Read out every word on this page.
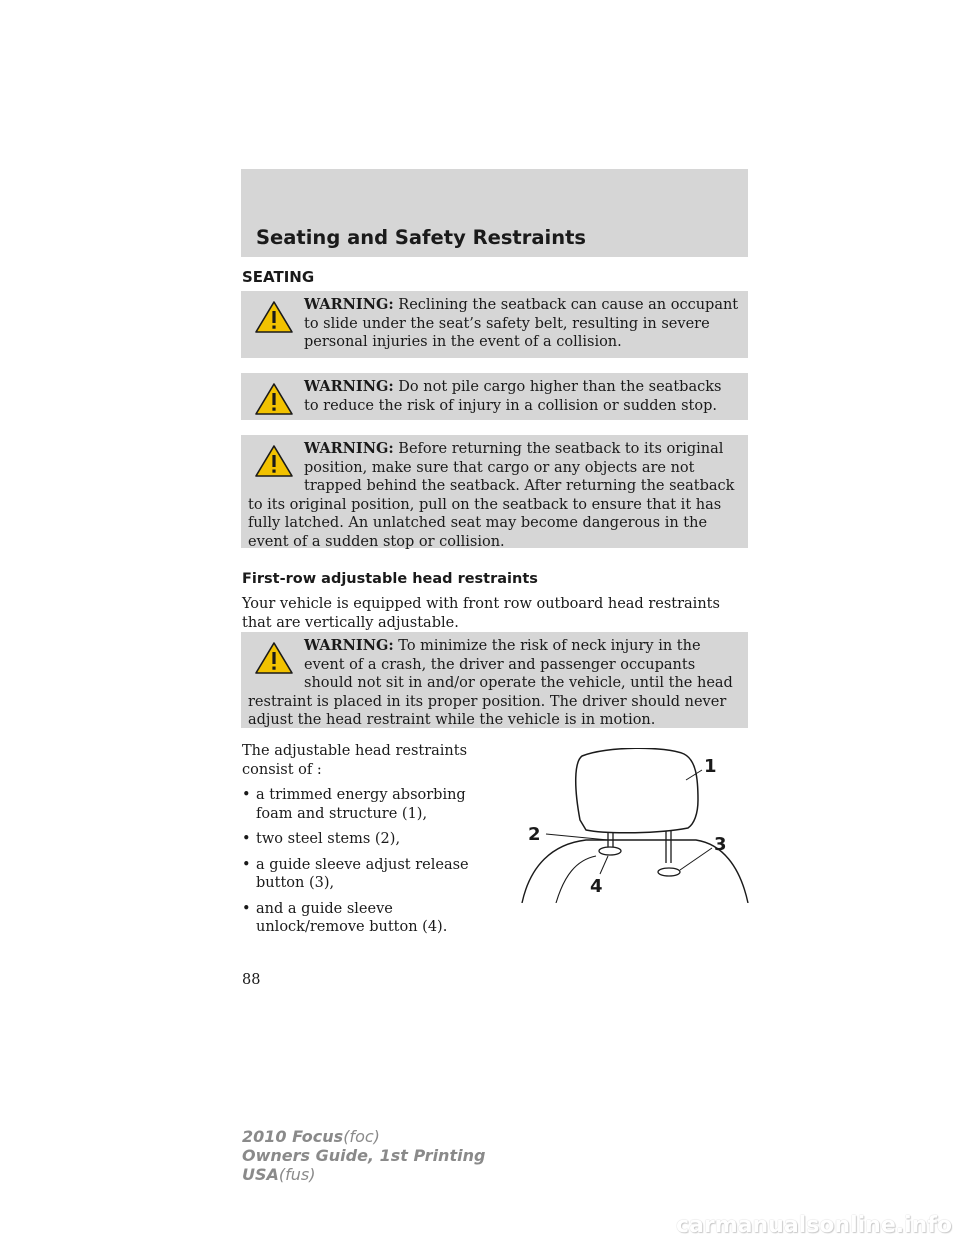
Seating and Safety Restraints
SEATING
WARNING: Reclining the seatback can cause an occupant to slide under the seat’s safety belt, resulting in severe personal injuries in the event of a collision.
WARNING: Do not pile cargo higher than the seatbacks to reduce the risk of injury in a collision or sudden stop.
WARNING: Before returning the seatback to its original position, make sure that cargo or any objects are not trapped behind the seatback. After returning the seatback to its original position, pull on the seatback to ensure that it has fully latched. An unlatched seat may become dangerous in the event of a sudden stop or collision.
First-row adjustable head restraints
Your vehicle is equipped with front row outboard head restraints that are vertically adjustable.
WARNING: To minimize the risk of neck injury in the event of a crash, the driver and passenger occupants should not sit in and/or operate the vehicle, until the head restraint is placed in its proper position. The driver should never adjust the head restraint while the vehicle is in motion.
The adjustable head restraints consist of :
• a trimmed energy absorbing foam and structure (1),
• two steel stems (2),
• a guide sleeve adjust release button (3),
• and a guide sleeve unlock/remove button (4).
1
2	3
4
88
2010 Focus(foc)
Owners Guide, 1st Printing
USA(fus)
carmanualsonline.info
